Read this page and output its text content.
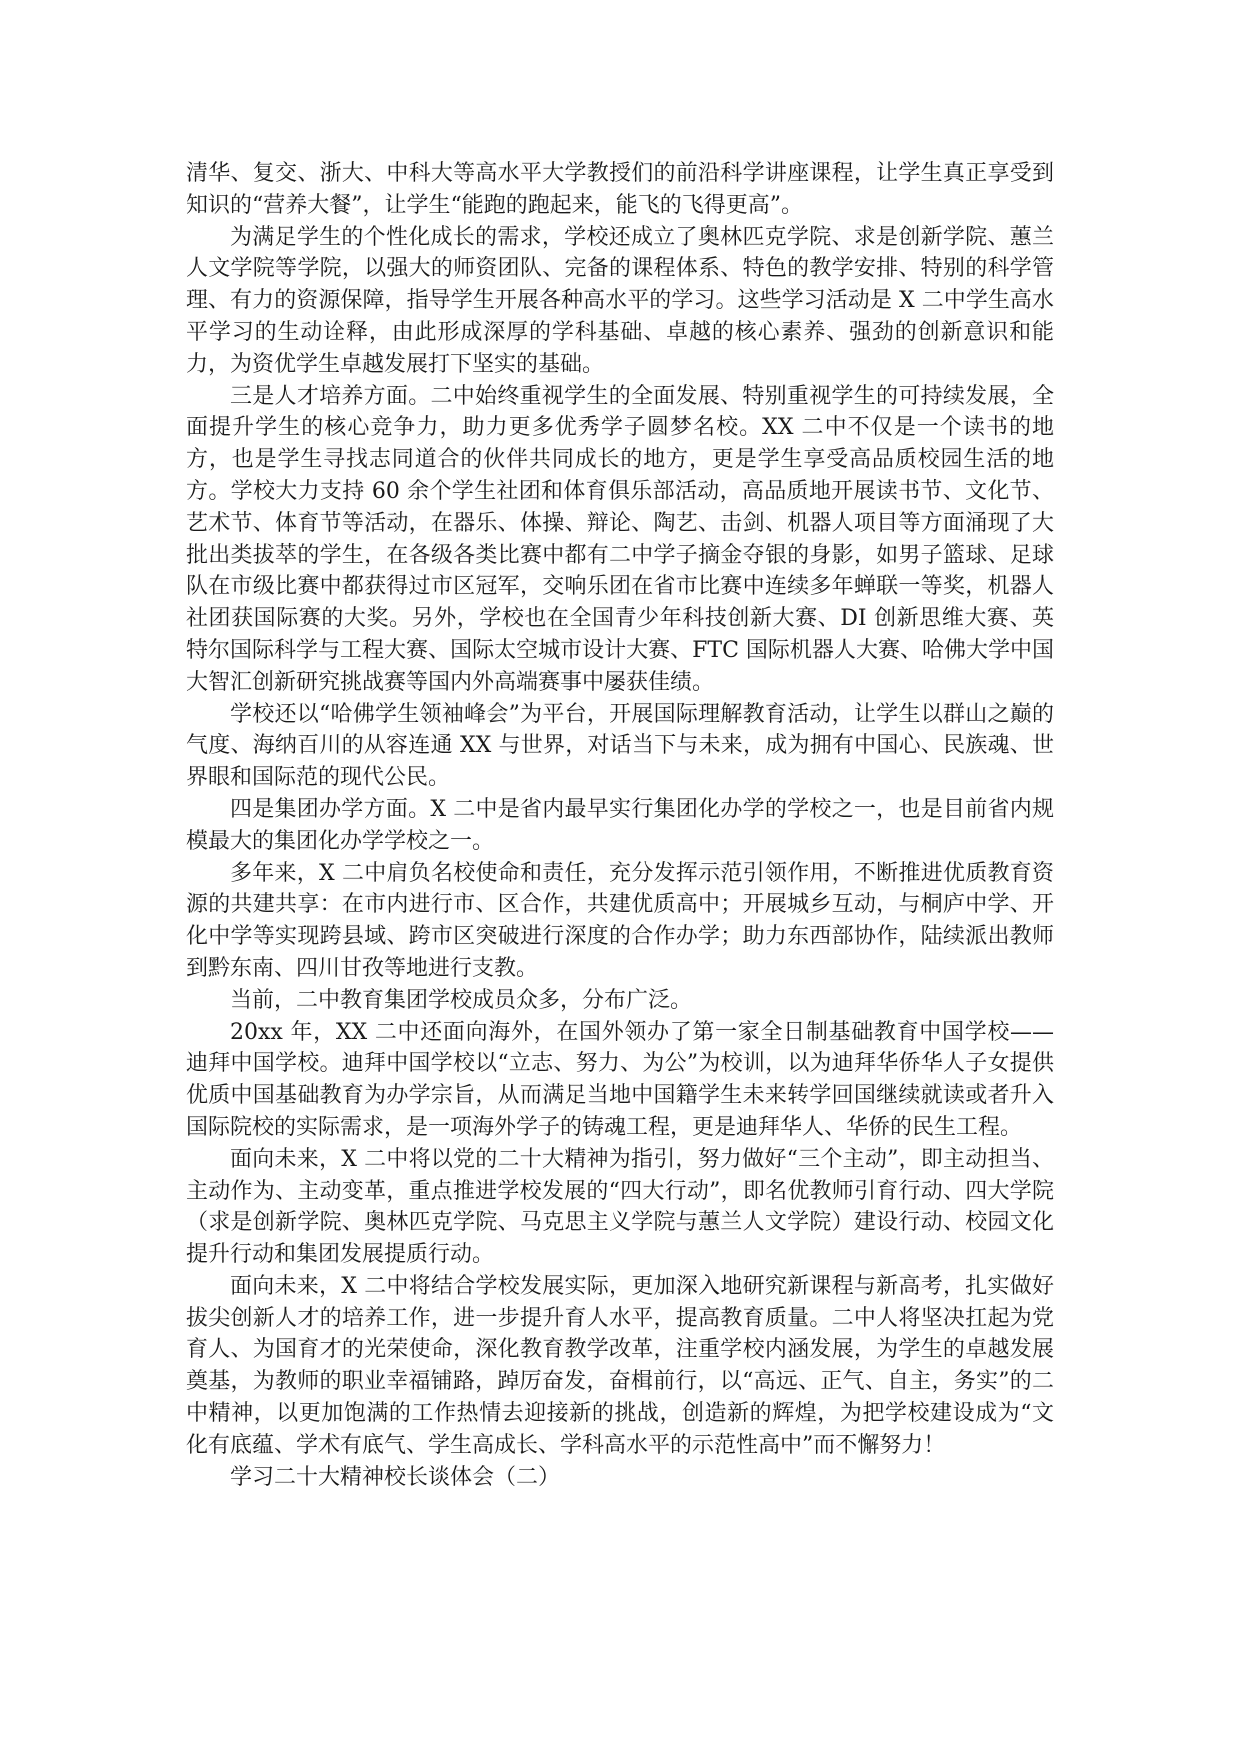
清华、复交、浙大、中科大等高水平大学教授们的前沿科学讲座课程，让学生真正享受到知识的“营养大餐”，让学生“能跑的跑起来，能飞的飞得更高”。

为满足学生的个性化成长的需求，学校还成立了奥林匹克学院、求是创新学院、蕙兰人文学院等学院，以强大的师资团队、完备的课程体系、特色的教学安排、特别的科学管理、有力的资源保障，指导学生开展各种高水平的学习。这些学习活动是 X 二中学生高水平学习的生动诠释，由此形成深厚的学科基础、卓越的核心素养、强劲的创新意识和能力，为资优学生卓越发展打下坚实的基础。

三是人才培养方面。二中始终重视学生的全面发展、特别重视学生的可持续发展，全面提升学生的核心竞争力，助力更多优秀学子圆梦名校。XX 二中不仅是一个读书的地方，也是学生寻找志同道合的伙伴共同成长的地方，更是学生享受高品质校园生活的地方。学校大力支持 60 余个学生社团和体育俱乐部活动，高品质地开展读书节、文化节、艺术节、体育节等活动，在器乐、体操、辩论、陶艺、击剑、机器人项目等方面涌现了大批出类拔萃的学生，在各级各类比赛中都有二中学子摘金夺银的身影，如男子篮球、足球队在市级比赛中都获得过市区冠军，交响乐团在省市比赛中连续多年蝉联一等奖，机器人社团获国际赛的大奖。另外，学校也在全国青少年科技创新大赛、DI 创新思维大赛、英特尔国际科学与工程大赛、国际太空城市设计大赛、FTC 国际机器人大赛、哈佛大学中国大智汇创新研究挑战赛等国内外高端赛事中屡获佳绩。

学校还以“哈佛学生领袖峰会”为平台，开展国际理解教育活动，让学生以群山之巅的气度、海纳百川的从容连通 XX 与世界，对话当下与未来，成为拥有中国心、民族魂、世界眼和国际范的现代公民。

四是集团办学方面。X 二中是省内最早实行集团化办学的学校之一，也是目前省内规模最大的集团化办学学校之一。

多年来，X 二中肩负名校使命和责任，充分发挥示范引领作用，不断推进优质教育资源的共建共享：在市内进行市、区合作，共建优质高中；开展城乡互动，与桐庐中学、开化中学等实现跨县域、跨市区突破进行深度的合作办学；助力东西部协作，陆续派出教师到黔东南、四川甘孜等地进行支教。

当前，二中教育集团学校成员众多，分布广泛。

20xx 年，XX 二中还面向海外，在国外领办了第一家全日制基础教育中国学校——迪拜中国学校。迪拜中国学校以“立志、努力、为公”为校训，以为迪拜华侨华人子女提供优质中国基础教育为办学宗旨，从而满足当地中国籍学生未来转学回国继续就读或者升入国际院校的实际需求，是一项海外学子的铸魂工程，更是迪拜华人、华侨的民生工程。

面向未来，X 二中将以党的二十大精神为指引，努力做好“三个主动”，即主动担当、主动作为、主动变革，重点推进学校发展的“四大行动”，即名优教师引育行动、四大学院（求是创新学院、奥林匹克学院、马克思主义学院与蕙兰人文学院）建设行动、校园文化提升行动和集团发展提质行动。

面向未来，X 二中将结合学校发展实际，更加深入地研究新课程与新高考，扎实做好拔尖创新人才的培养工作，进一步提升育人水平，提高教育质量。二中人将坚决扛起为党育人、为国育才的光荣使命，深化教育教学改革，注重学校内涵发展，为学生的卓越发展奠基，为教师的职业幸福铺路，踔厉奋发，奋楫前行，以“高远、正气、自主，务实”的二中精神，以更加饱满的工作热情去迎接新的挑战，创造新的辉煌，为把学校建设成为“文化有底蕴、学术有底气、学生高成长、学科高水平的示范性高中”而不懈努力！

学习二十大精神校长谈体会（二）
